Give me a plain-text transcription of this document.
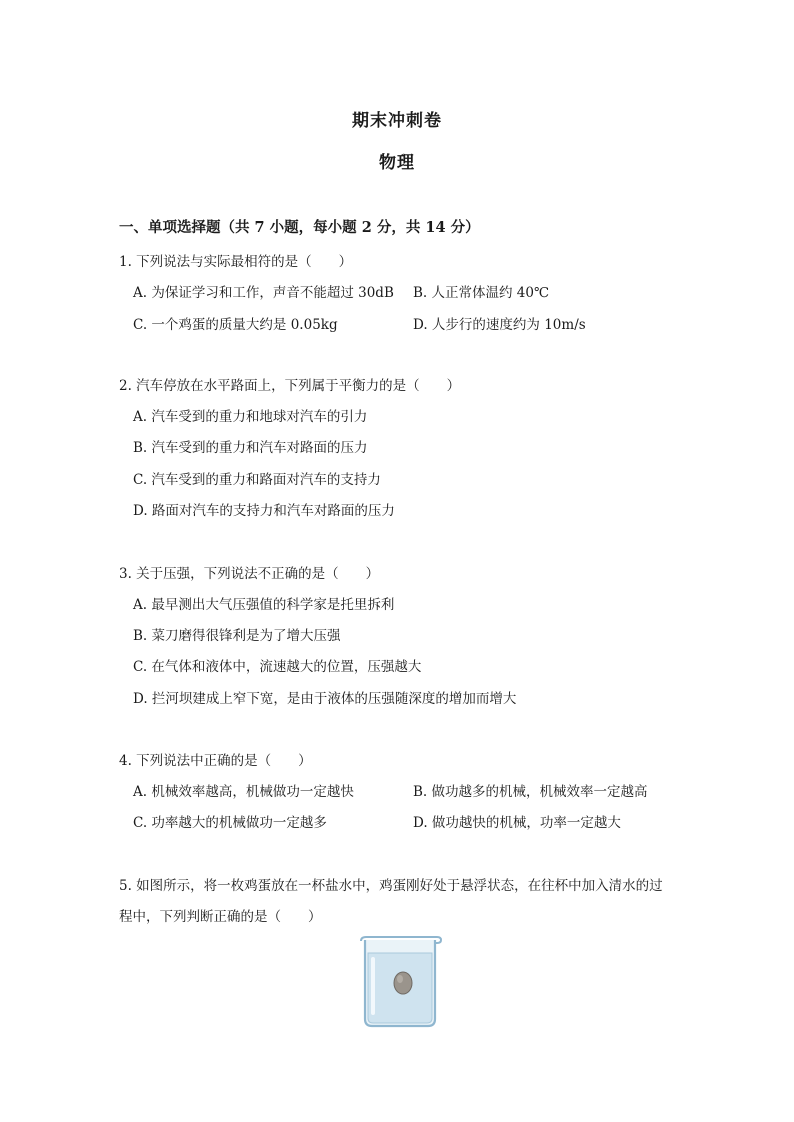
期末冲刺卷
物理
一、单项选择题（共 7 小题，每小题 2 分，共 14 分）
1. 下列说法与实际最相符的是（　　）
A. 为保证学习和工作，声音不能超过 30dB B. 人正常体温约 40℃
C. 一个鸡蛋的质量大约是 0.05kg	D. 人步行的速度约为 10m/s
2. 汽车停放在水平路面上，下列属于平衡力的是（　　）
A. 汽车受到的重力和地球对汽车的引力
B. 汽车受到的重力和汽车对路面的压力
C. 汽车受到的重力和路面对汽车的支持力
D. 路面对汽车的支持力和汽车对路面的压力
3. 关于压强，下列说法不正确的是（　　）
A. 最早测出大气压强值的科学家是托里拆利
B. 菜刀磨得很锋利是为了增大压强
C. 在气体和液体中，流速越大的位置，压强越大
D. 拦河坝建成上窄下宽，是由于液体的压强随深度的增加而增大
4. 下列说法中正确的是（　　）
A. 机械效率越高，机械做功一定越快	B. 做功越多的机械，机械效率一定越高
C. 功率越大的机械做功一定越多	D. 做功越快的机械，功率一定越大
5. 如图所示，将一枚鸡蛋放在一杯盐水中，鸡蛋刚好处于悬浮状态，在往杯中加入清水的过
程中，下列判断正确的是（　　）
